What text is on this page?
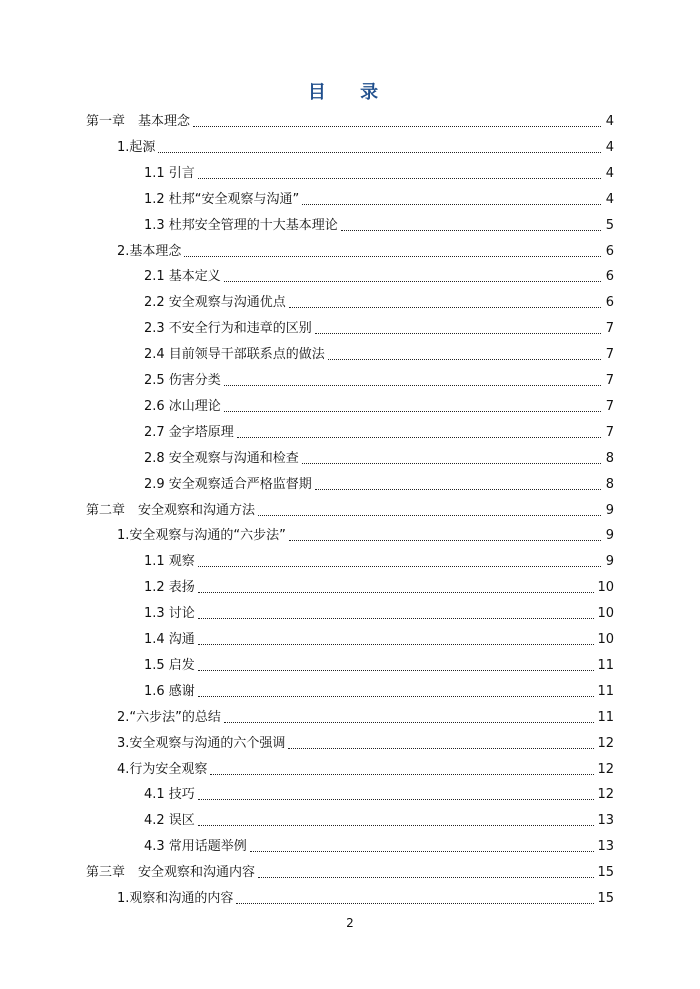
目 录
第一章　基本理念	4
1.起源	4
1.1 引言	4
1.2 杜邦“安全观察与沟通”	4
1.3 杜邦安全管理的十大基本理论	5
2.基本理念	6
2.1 基本定义	6
2.2 安全观察与沟通优点	6
2.3 不安全行为和违章的区别	7
2.4 目前领导干部联系点的做法	7
2.5 伤害分类	7
2.6 冰山理论	7
2.7 金字塔原理	7
2.8 安全观察与沟通和检查	8
2.9 安全观察适合严格监督期	8
第二章　安全观察和沟通方法	9
1.安全观察与沟通的“六步法”	9
1.1 观察	9
1.2 表扬	10
1.3 讨论	10
1.4 沟通	10
1.5 启发	11
1.6 感谢	11
2.“六步法”的总结	11
3.安全观察与沟通的六个强调	12
4.行为安全观察	12
4.1 技巧	12
4.2 误区	13
4.3 常用话题举例	13
第三章　安全观察和沟通内容	15
1.观察和沟通的内容	15
2
